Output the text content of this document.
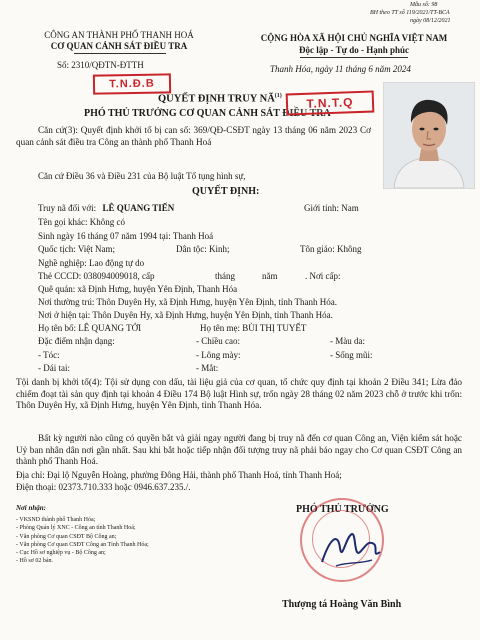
Mẫu số: 98
BH theo TT số 119/2021/TT-BCA
ngày 08/12/2021
CÔNG AN THÀNH PHỐ THANH HOÁ
CƠ QUAN CẢNH SÁT ĐIỀU TRA
Số: 2310/QĐTN-ĐTTH
T.N.Đ.B
CỘNG HÒA XÃ HỘI CHỦ NGHĨA VIỆT NAM
Độc lập - Tự do - Hạnh phúc
Thanh Hóa, ngày 11 tháng 6 năm 2024
QUYẾT ĐỊNH TRUY NÃ$^{(1)}$
PHÓ THỦ TRƯỞNG CƠ QUAN CẢNH SÁT ĐIỀU TRA
T.N.T.Q
Căn cứ(3): Quyết định khởi tố bị can số: 369/QĐ-CSĐT ngày 13 tháng 06 năm 2023 Cơ quan cảnh sát điều tra Công an thành phố Thanh Hoá
Căn cứ Điều 36 và Điều 231 của Bộ luật Tố tụng hình sự,
QUYẾT ĐỊNH:
Truy nã đối với: LÊ QUANG TIẾN	Giới tính: Nam
Tên gọi khác: Không có
Sinh ngày 16 tháng 07 năm 1994 tại: Thanh Hoá
Quốc tịch: Việt Nam;	Dân tộc: Kinh;	Tôn giáo: Không
Nghề nghiệp: Lao động tự do
Thẻ CCCD: 038094009018, cấp	tháng	năm	. Nơi cấp:
Quê quán: xã Định Hưng, huyện Yên Định, Thanh Hóa
Nơi thường trú: Thôn Duyên Hy, xã Định Hưng, huyện Yên Định, tỉnh Thanh Hóa.
Nơi ở hiện tại: Thôn Duyên Hy, xã Định Hưng, huyện Yên Định, tỉnh Thanh Hóa.
Họ tên bố: LÊ QUANG TỚI	Họ tên mẹ: BÙI THỊ TUYẾT
Đặc điểm nhận dạng:	- Chiều cao:	- Màu da:
- Tóc:	- Lông mày:	- Sống mũi:
- Dái tai:	- Mắt:
Tội danh bị khởi tố(4): Tội sử dụng con dấu, tài liệu giả của cơ quan, tổ chức quy định tại khoản 2 Điều 341; Lừa đảo chiếm đoạt tài sản quy định tại khoản 4 Điều 174 Bộ luật Hình sự, trốn ngày 28 tháng 02 năm 2023 chỗ ở trước khi trốn: Thôn Duyên Hy, xã Định Hưng, huyện Yên Định, tỉnh Thanh Hóa.
Bất kỳ người nào cũng có quyền bắt và giải ngay người đang bị truy nã đến cơ quan Công an, Viện kiểm sát hoặc Uỷ ban nhân dân nơi gần nhất. Sau khi bắt hoặc tiếp nhận đối tượng truy nã phải báo ngay cho Cơ quan CSĐT Công an thành phố Thanh Hoá.
Địa chỉ: Đại lộ Nguyễn Hoàng, phường Đông Hải, thành phố Thanh Hoá, tỉnh Thanh Hoá;
Điện thoại: 02373.710.333 hoặc 0946.637.235./.
Nơi nhận:
- VKSND thành phố Thanh Hóa;
- Phòng Quản lý XNC - Công an tỉnh Thanh Hoá;
- Văn phòng Cơ quan CSĐT Bộ Công an;
- Văn phòng Cơ quan CSĐT Công an Tỉnh Thanh Hóa;
- Cục Hồ sơ nghiệp vụ - Bộ Công an;
- Hồ sơ 02 bản.
PHÓ THỦ TRƯỞNG
Thượng tá Hoàng Văn Bình
